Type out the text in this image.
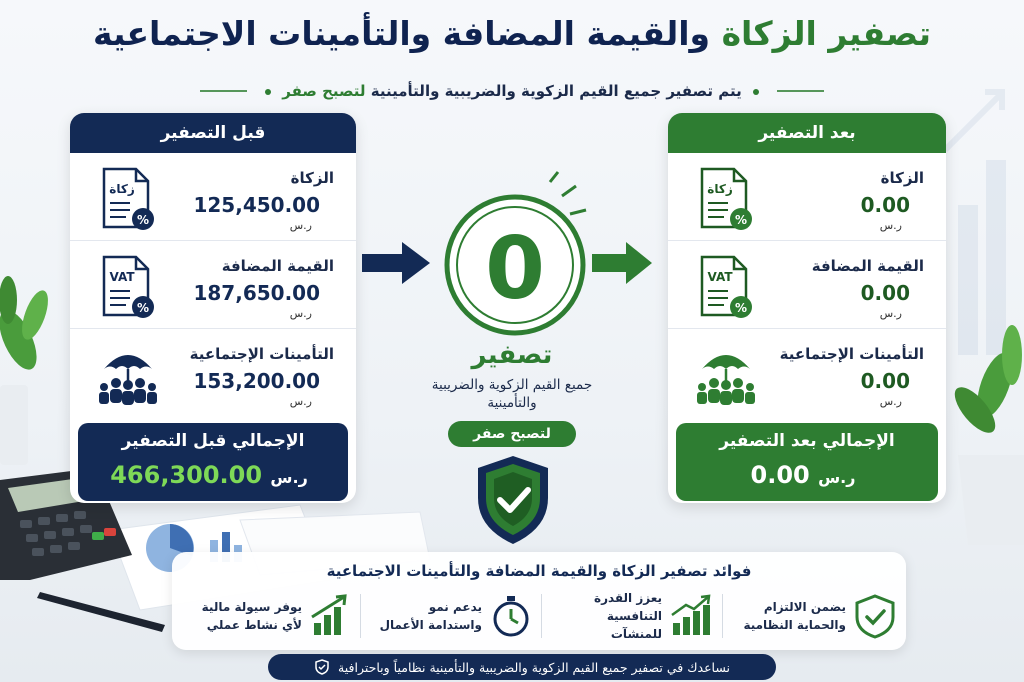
تصفير الزكاة والقيمة المضافة والتأمينات الاجتماعية
يتم تصفير جميع القيم الزكوية والضريبية والتأمينية لتصبح صفر
قبل التصفير
زكاة
%
الزكاة
125,450.00
ر.س
VAT
%
القيمة المضافة
187,650.00
ر.س
التأمينات الإجتماعية
153,200.00
ر.س
الإجمالي قبل التصفير
466,300.00 ر.س
بعد التصفير
زكاة
%
الزكاة
0.00
ر.س
VAT
%
القيمة المضافة
0.00
ر.س
التأمينات الإجتماعية
0.00
ر.س
الإجمالي بعد التصفير
0.00 ر.س
0
تصفير
جميع القيم الزكوية والضريبية والتأمينية
لتصبح صفر
فوائد تصفير الزكاة والقيمة المضافة والتأمينات الاجتماعية
يضمن الالتزام والحماية النظامية
يعزز القدرة التنافسية للمنشآت
يدعم نمو واستدامة الأعمال
يوفر سيولة مالية لأي نشاط عملي
نساعدك في تصفير جميع القيم الزكوية والضريبية والتأمينية نظامياً وباحترافية
